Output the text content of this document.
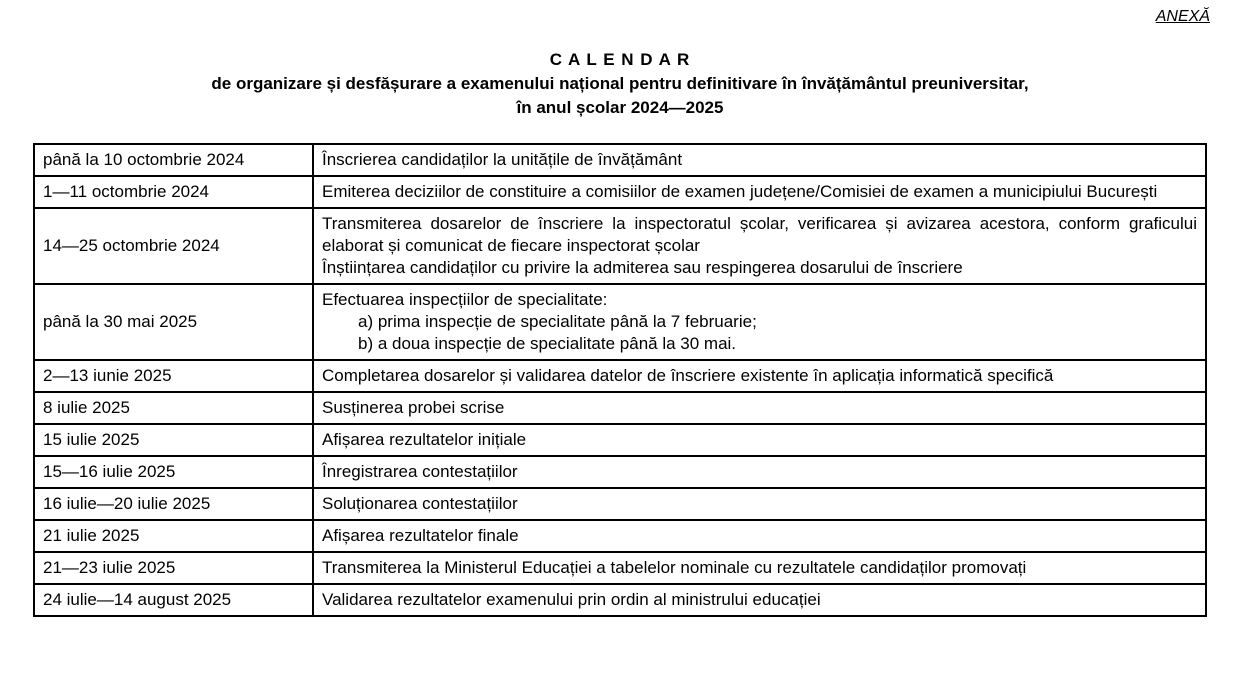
ANEXĂ
C A L E N D A R
de organizare și desfășurare a examenului național pentru definitivare în învățământul preuniversitar,
în anul școlar 2024—2025
până la 10 octombrie 2024	Înscrierea candidaților la unitățile de învățământ

1—11 octombrie 2024	Emiterea deciziilor de constituire a comisiilor de examen județene/Comisiei de examen a municipiului București

14—25 octombrie 2024	Transmiterea dosarelor de înscriere la inspectoratul școlar, verificarea și avizarea acestora, conform graficului elaborat și comunicat de fiecare inspectorat școlar
Înștiințarea candidaților cu privire la admiterea sau respingerea dosarului de înscriere

până la 30 mai 2025	Efectuarea inspecțiilor de specialitate:
a) prima inspecție de specialitate până la 7 februarie;
b) a doua inspecție de specialitate până la 30 mai.

2—13 iunie 2025	Completarea dosarelor și validarea datelor de înscriere existente în aplicația informatică specifică

8 iulie 2025	Susținerea probei scrise

15 iulie 2025	Afișarea rezultatelor inițiale

15—16 iulie 2025	Înregistrarea contestațiilor

16 iulie—20 iulie 2025	Soluționarea contestațiilor

21 iulie 2025	Afișarea rezultatelor finale

21—23 iulie 2025	Transmiterea la Ministerul Educației a tabelelor nominale cu rezultatele candidaților promovați

24 iulie—14 august 2025	Validarea rezultatelor examenului prin ordin al ministrului educației
